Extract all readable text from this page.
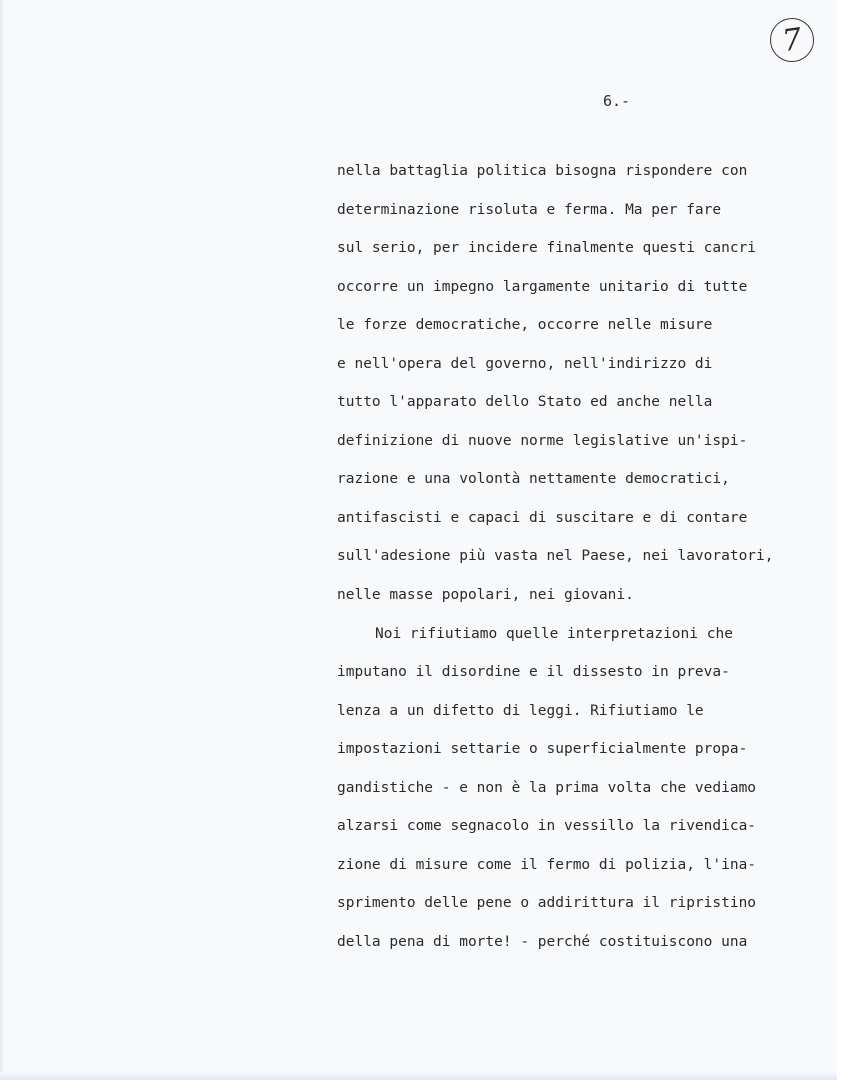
7
6.-
nella battaglia politica bisogna rispondere con
determinazione risoluta e ferma. Ma per fare
sul serio, per incidere finalmente questi cancri
occorre un impegno largamente unitario di tutte
le forze democratiche, occorre nelle misure
e nell'opera del governo, nell'indirizzo di
tutto l'apparato dello Stato ed anche nella
definizione di nuove norme legislative un'ispi-
razione e una volontà nettamente democratici,
antifascisti e capaci di suscitare e di contare
sull'adesione più vasta nel Paese, nei lavoratori,
nelle masse popolari, nei giovani.
Noi rifiutiamo quelle interpretazioni che
imputano il disordine e il dissesto in preva-
lenza a un difetto di leggi. Rifiutiamo le
impostazioni settarie o superficialmente propa-
gandistiche - e non è la prima volta che vediamo
alzarsi come segnacolo in vessillo la rivendica-
zione di misure come il fermo di polizia, l'ina-
sprimento delle pene o addirittura il ripristino
della pena di morte! - perché costituiscono una
